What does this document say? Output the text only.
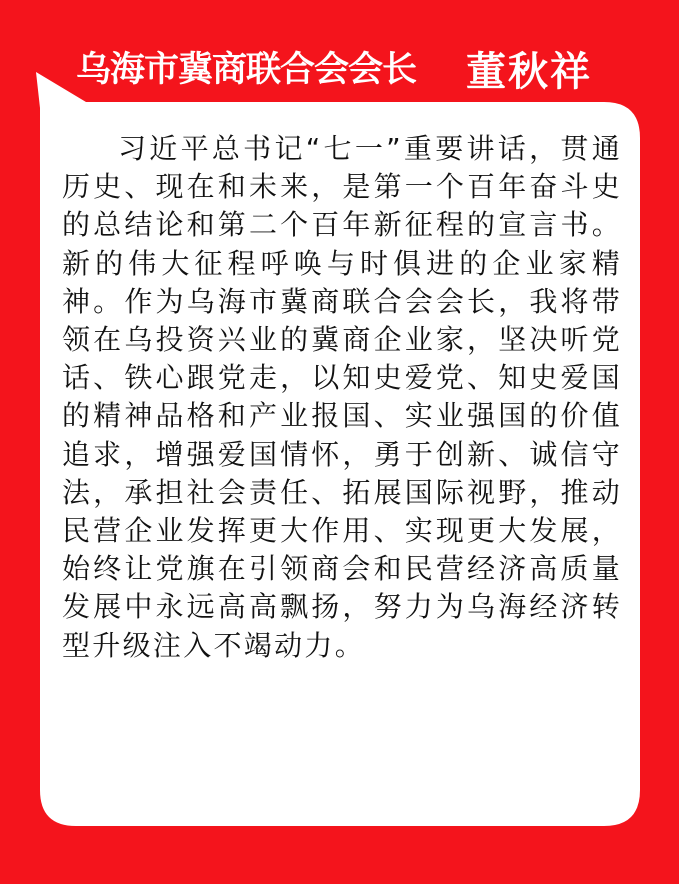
乌海市冀商联合会会长 董秋祥

习近平总书记“七一”重要讲话，贯通历史、现在和未来，是第一个百年奋斗史的总结论和第二个百年新征程的宣言书。新的伟大征程呼唤与时俱进的企业家精神。作为乌海市冀商联合会会长，我将带领在乌投资兴业的冀商企业家，坚决听党话、铁心跟党走，以知史爱党、知史爱国的精神品格和产业报国、实业强国的价值追求，增强爱国情怀，勇于创新、诚信守法，承担社会责任、拓展国际视野，推动民营企业发挥更大作用、实现更大发展，始终让党旗在引领商会和民营经济高质量发展中永远高高飘扬，努力为乌海经济转型升级注入不竭动力。
